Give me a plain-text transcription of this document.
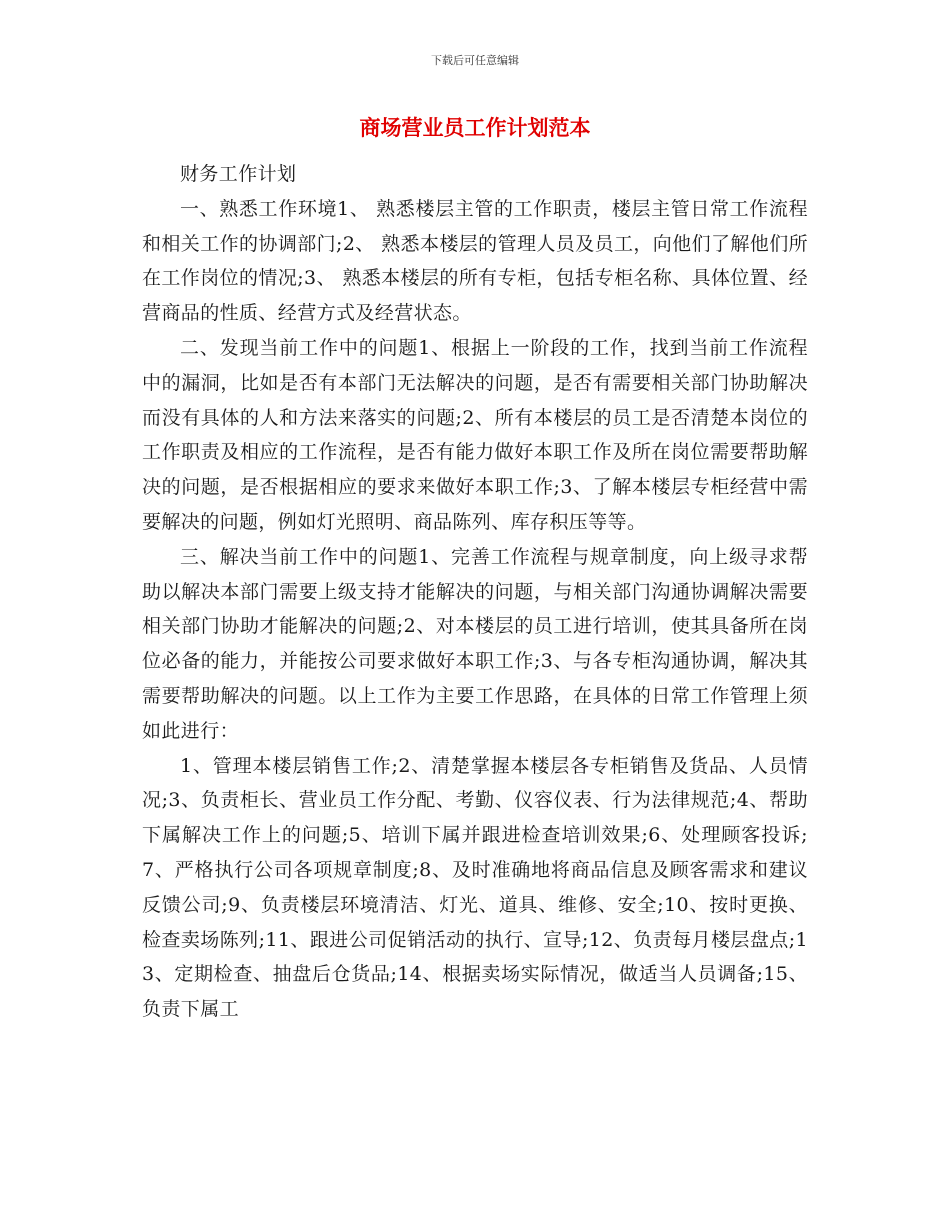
下载后可任意编辑
商场营业员工作计划范本

财务工作计划

一、熟悉工作环境1、 熟悉楼层主管的工作职责，楼层主管日常工作流程和相关工作的协调部门;2、 熟悉本楼层的管理人员及员工，向他们了解他们所在工作岗位的情况;3、 熟悉本楼层的所有专柜，包括专柜名称、具体位置、经营商品的性质、经营方式及经营状态。

二、发现当前工作中的问题1、根据上一阶段的工作，找到当前工作流程中的漏洞，比如是否有本部门无法解决的问题，是否有需要相关部门协助解决而没有具体的人和方法来落实的问题;2、所有本楼层的员工是否清楚本岗位的工作职责及相应的工作流程，是否有能力做好本职工作及所在岗位需要帮助解决的问题，是否根据相应的要求来做好本职工作;3、了解本楼层专柜经营中需要解决的问题，例如灯光照明、商品陈列、库存积压等等。

三、解决当前工作中的问题1、完善工作流程与规章制度，向上级寻求帮助以解决本部门需要上级支持才能解决的问题，与相关部门沟通协调解决需要相关部门协助才能解决的问题;2、对本楼层的员工进行培训，使其具备所在岗位必备的能力，并能按公司要求做好本职工作;3、与各专柜沟通协调，解决其需要帮助解决的问题。以上工作为主要工作思路，在具体的日常工作管理上须如此进行：

1、管理本楼层销售工作;2、清楚掌握本楼层各专柜销售及货品、人员情况;3、负责柜长、营业员工作分配、考勤、仪容仪表、行为法律规范;4、帮助下属解决工作上的问题;5、培训下属并跟进检查培训效果;6、处理顾客投诉;7、严格执行公司各项规章制度;8、及时准确地将商品信息及顾客需求和建议反馈公司;9、负责楼层环境清洁、灯光、道具、维修、安全;10、按时更换、检查卖场陈列;11、跟进公司促销活动的执行、宣导;12、负责每月楼层盘点;13、定期检查、抽盘后仓货品;14、根据卖场实际情况，做适当人员调备;15、负责下属工
